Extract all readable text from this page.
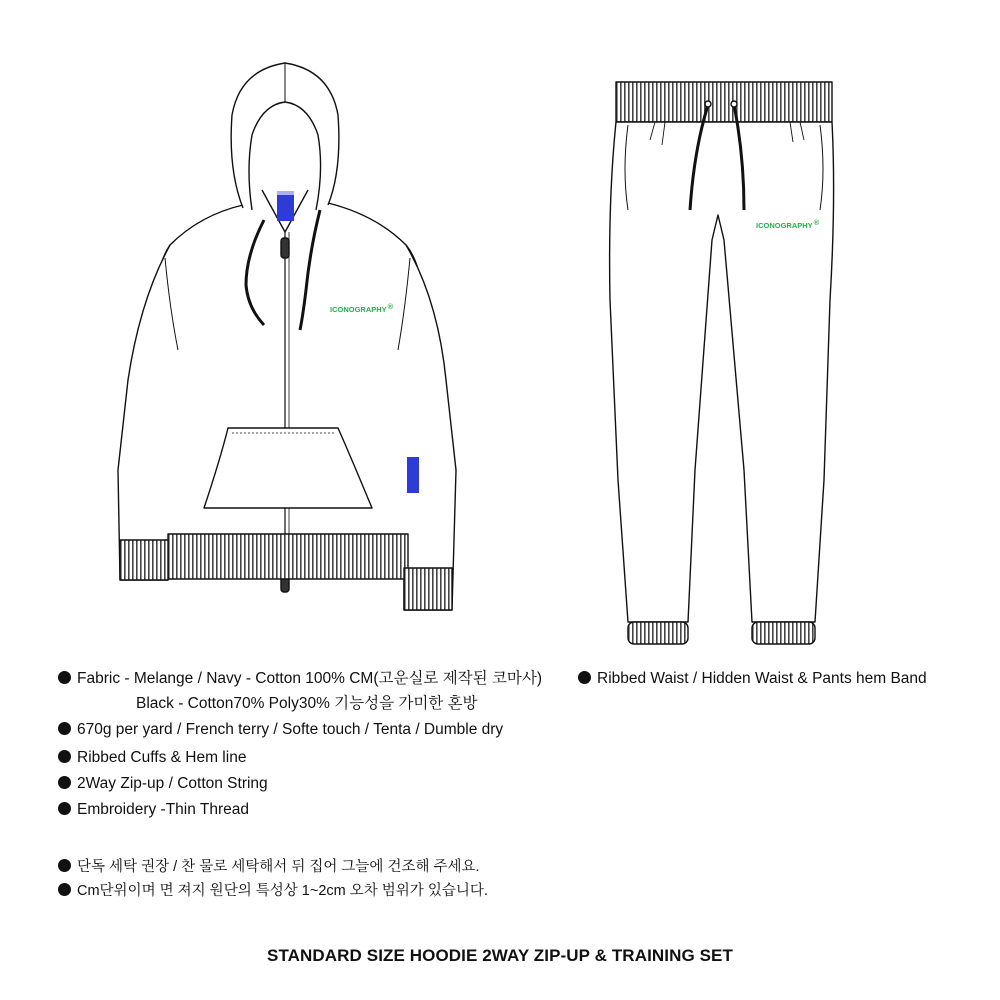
ICONOGRAPHY®
ICONOGRAPHY®
Fabric - Melange / Navy - Cotton 100% CM(고운실로 제작된 코마사)
Black - Cotton70% Poly30% 기능성을 가미한 혼방
670g per yard / French terry / Softe touch / Tenta / Dumble dry
Ribbed Cuffs & Hem line
2Way Zip-up / Cotton String
Embroidery -Thin Thread
Ribbed Waist / Hidden Waist & Pants hem Band
단독 세탁 권장 / 찬 물로 세탁해서 뒤 집어 그늘에 건조해 주세요.
Cm단위이며 면 져지 원단의 특성상 1~2cm 오차 범위가 있습니다.
STANDARD SIZE HOODIE 2WAY ZIP-UP & TRAINING SET
